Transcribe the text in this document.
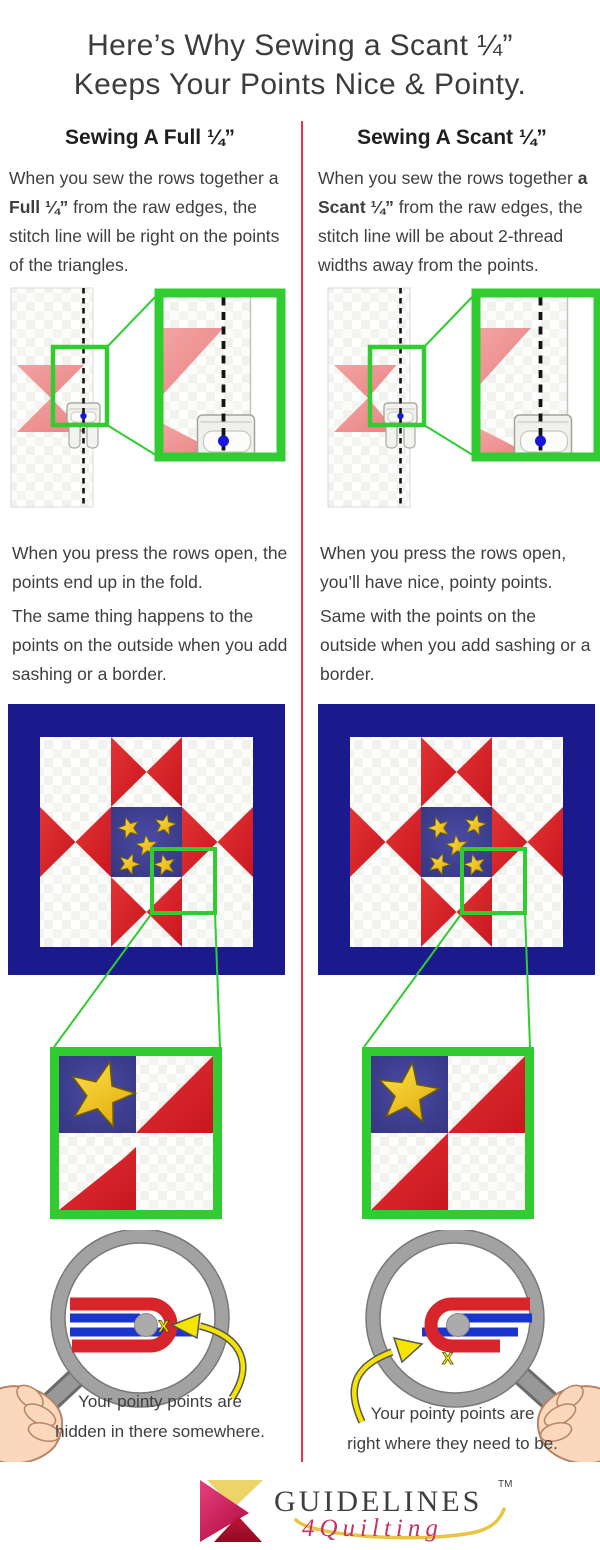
Here’s Why Sewing a Scant ¼”
Keeps Your Points Nice & Pointy.
Sewing A Full ¼”	Sewing A Scant ¼”

When you sew the rows together a Full ¼” from the raw edges, the stitch line will be right on the points of the triangles.

When you sew the rows together a Scant ¼” from the raw edges, the stitch line will be about 2-thread widths away from the points.

When you press the rows open, the points end up in the fold.

When you press the rows open, you’ll have nice, pointy points.

The same thing happens to the points on the outside when you add sashing or a border.

Same with the points on the outside when you add sashing or a border.

X
X
Your pointy points are
hidden in there somewhere.
Your pointy points are
right where they need to be.
GUIDELINES
TM
4Quilting
